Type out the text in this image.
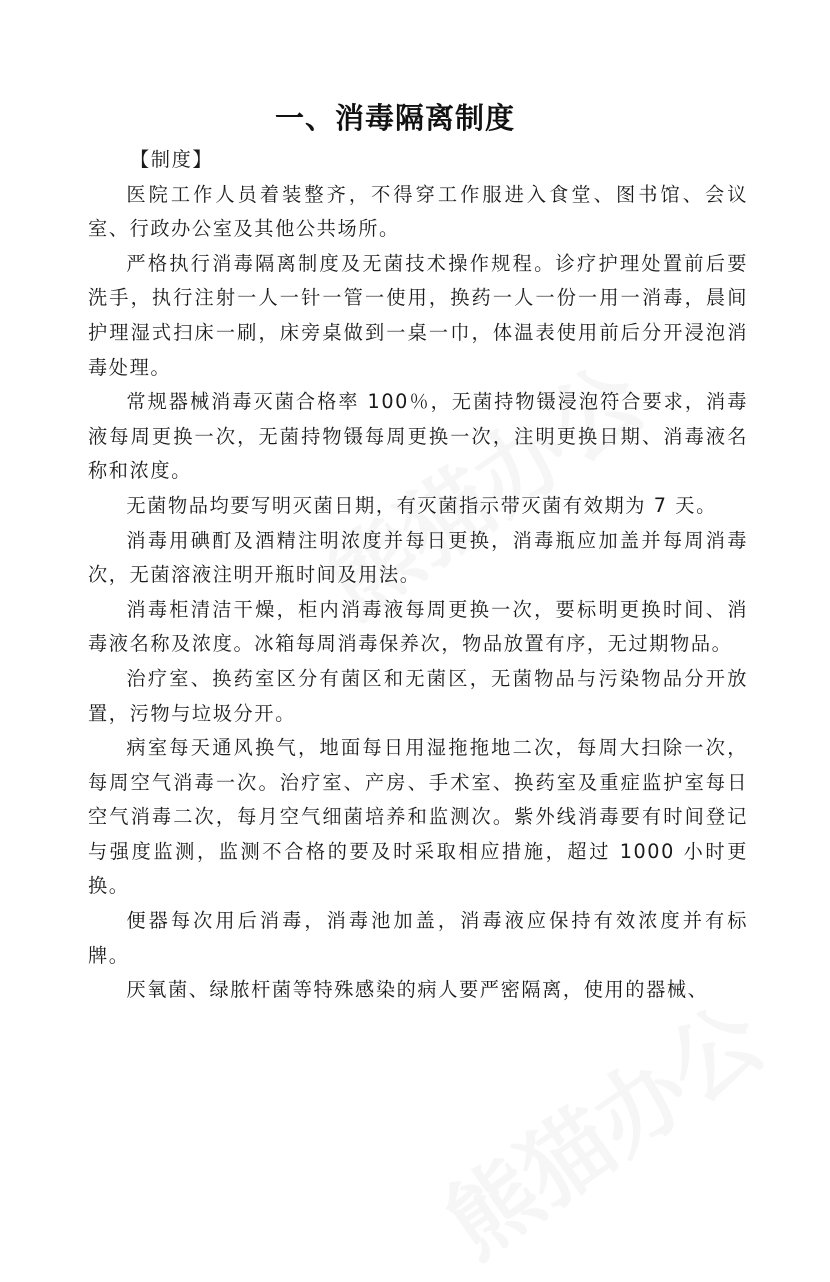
一、消毒隔离制度
【制度】

医院工作人员着装整齐，不得穿工作服进入食堂、图书馆、会议室、行政办公室及其他公共场所。

严格执行消毒隔离制度及无菌技术操作规程。诊疗护理处置前后要洗手，执行注射一人一针一管一使用，换药一人一份一用一消毒，晨间护理湿式扫床一刷，床旁桌做到一桌一巾，体温表使用前后分开浸泡消毒处理。

常规器械消毒灭菌合格率 100％，无菌持物镊浸泡符合要求，消毒液每周更换一次，无菌持物镊每周更换一次，注明更换日期、消毒液名称和浓度。

无菌物品均要写明灭菌日期，有灭菌指示带灭菌有效期为 7 天。

消毒用碘酊及酒精注明浓度并每日更换，消毒瓶应加盖并每周消毒次，无菌溶液注明开瓶时间及用法。

消毒柜清洁干燥，柜内消毒液每周更换一次，要标明更换时间、消毒液名称及浓度。冰箱每周消毒保养次，物品放置有序，无过期物品。

治疗室、换药室区分有菌区和无菌区，无菌物品与污染物品分开放置，污物与垃圾分开。

病室每天通风换气，地面每日用湿拖拖地二次，每周大扫除一次，每周空气消毒一次。治疗室、产房、手术室、换药室及重症监护室每日空气消毒二次，每月空气细菌培养和监测次。紫外线消毒要有时间登记与强度监测，监测不合格的要及时采取相应措施，超过 1000 小时更换。

便器每次用后消毒，消毒池加盖，消毒液应保持有效浓度并有标牌。

厌氧菌、绿脓杆菌等特殊感染的病人要严密隔离，使用的器械、
